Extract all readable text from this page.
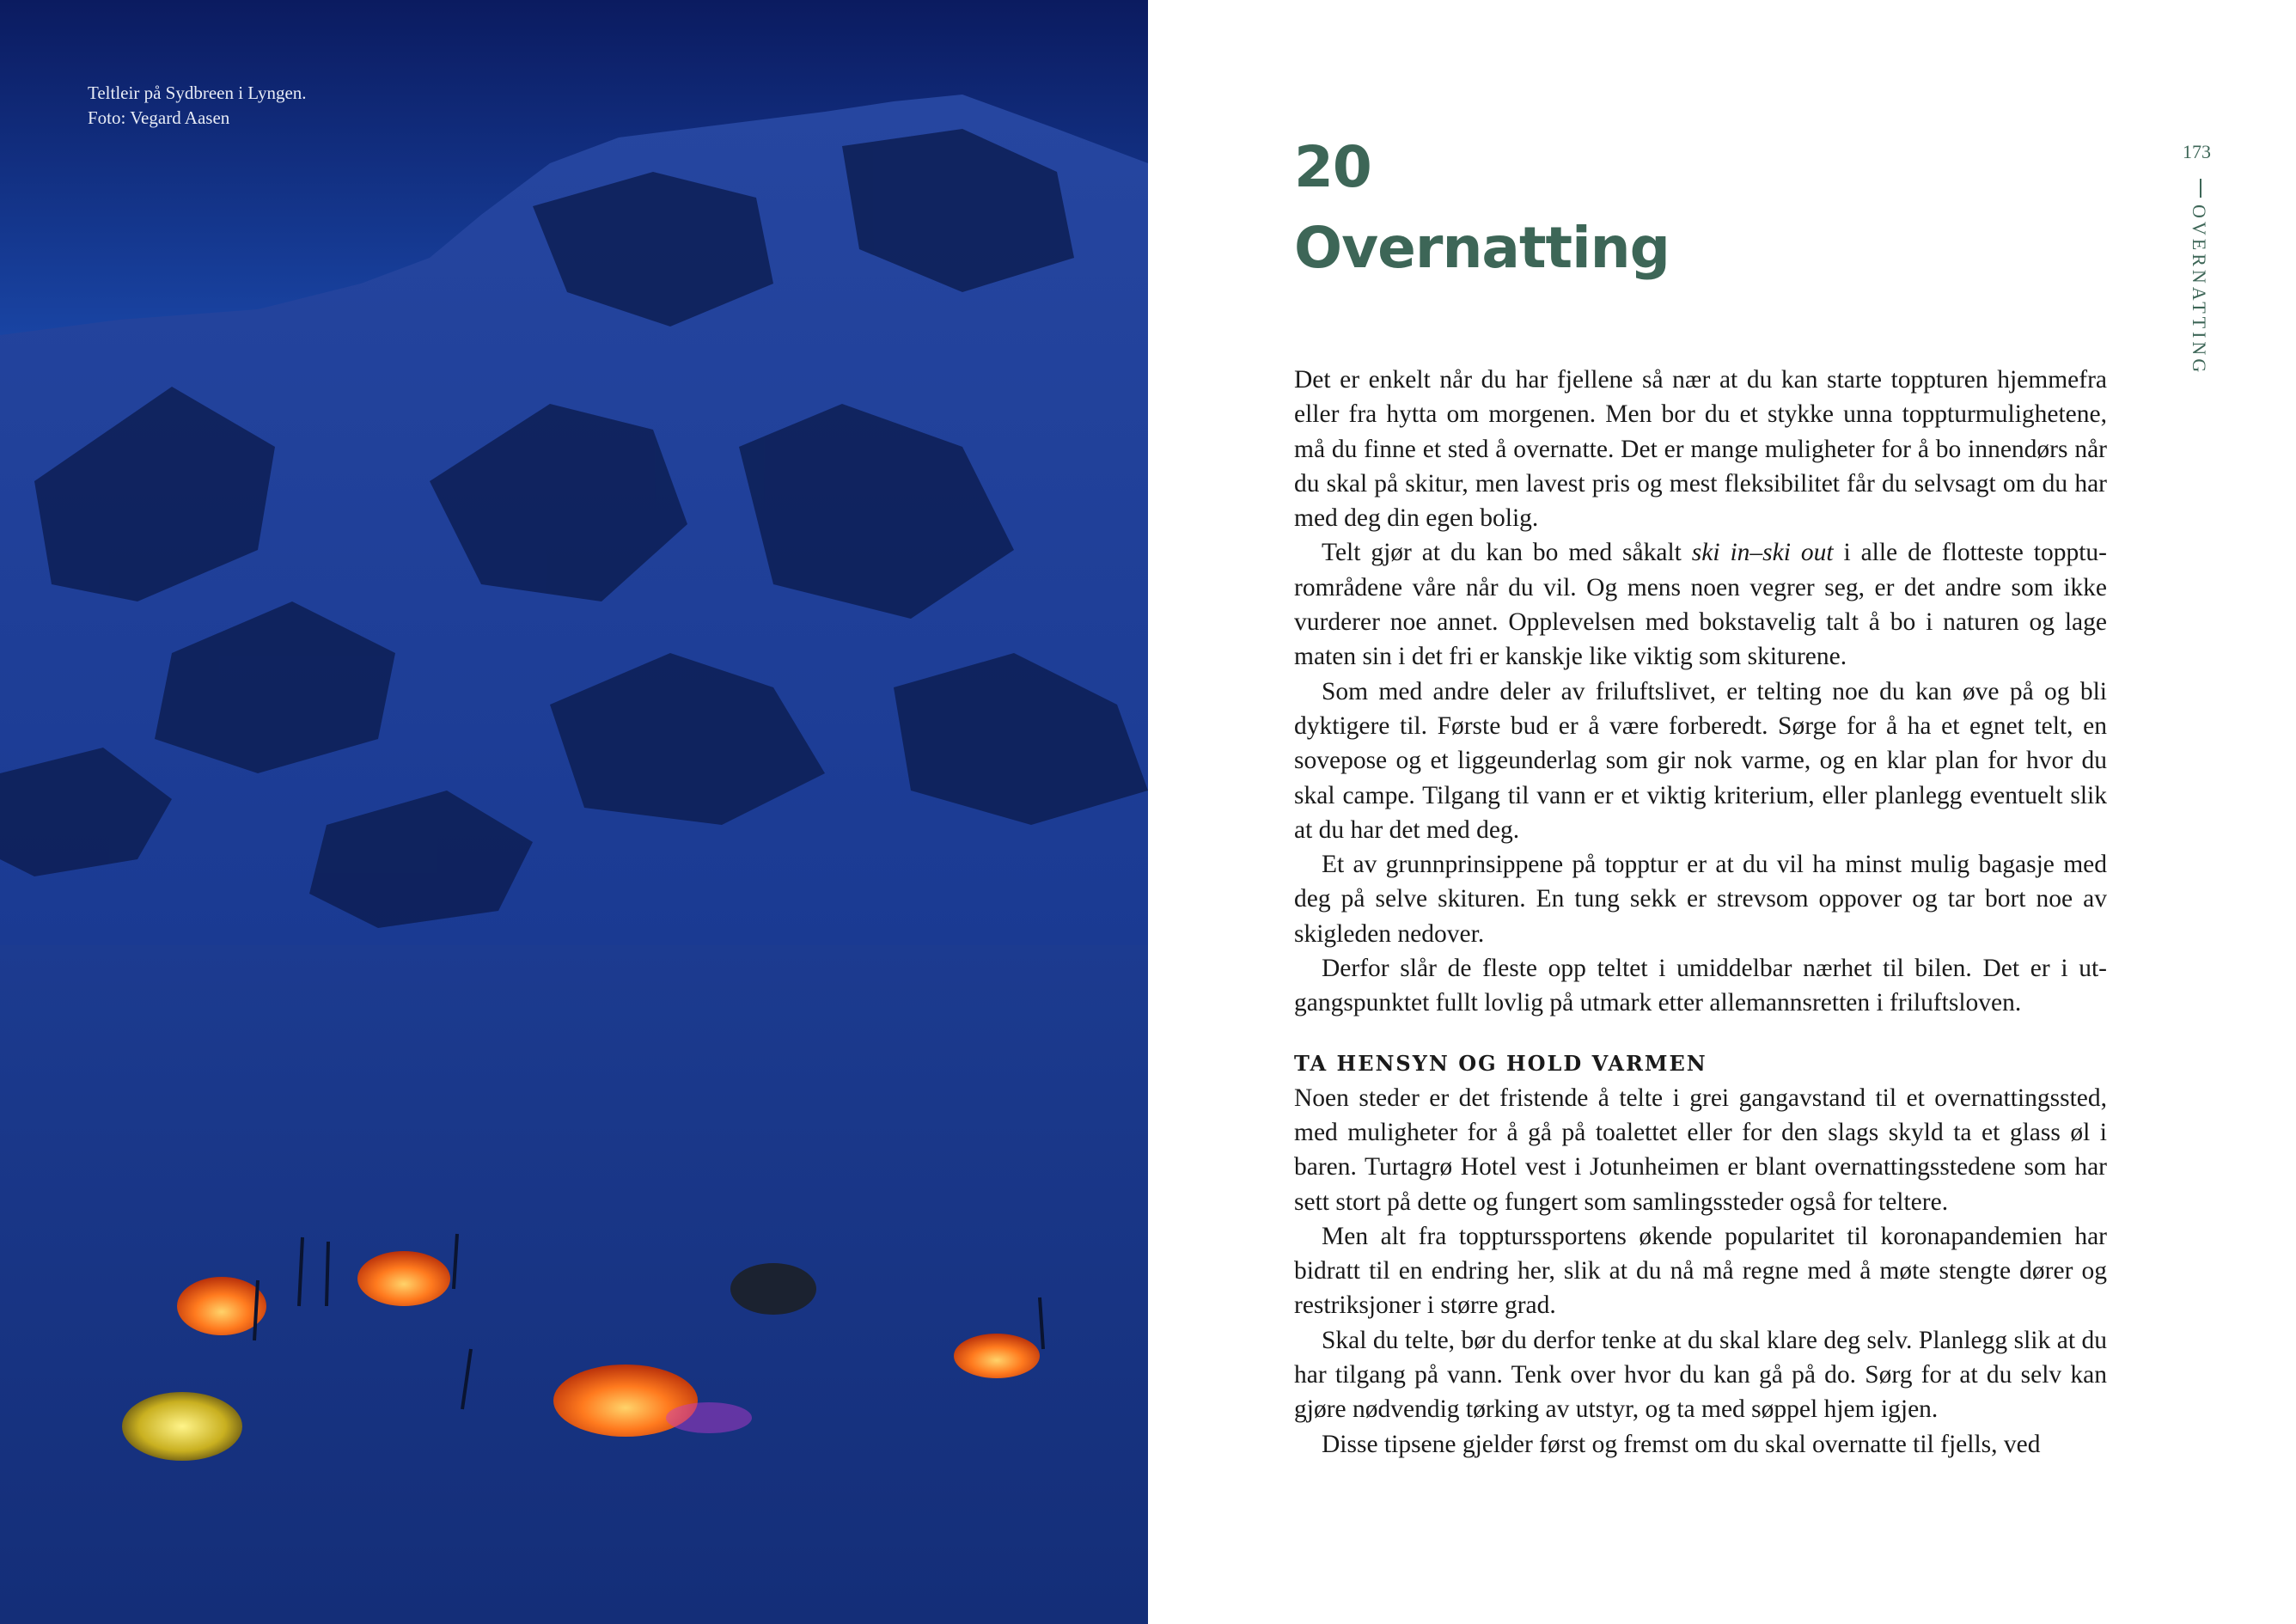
Teltleir på Sydbreen i Lyngen.
Foto: Vegard Aasen
20
Overnatting
173
OVERNATTING

Det er enkelt når du har fjellene så nær at du kan starte toppturen hjemmefra eller fra hytta om morgenen. Men bor du et stykke unna toppturmulighetene, må du finne et sted å overnatte. Det er mange muligheter for å bo innendørs når du skal på skitur, men lavest pris og mest fleksibilitet får du selvsagt om du har med deg din egen bolig.

Telt gjør at du kan bo med såkalt ski in–ski out i alle de flotteste toppturområdene våre når du vil. Og mens noen vegrer seg, er det andre som ikke vurderer noe annet. Opplevelsen med bokstavelig talt å bo i naturen og lage maten sin i det fri er kanskje like viktig som skiturene.

Som med andre deler av friluftslivet, er telting noe du kan øve på og bli dyktigere til. Første bud er å være forberedt. Sørge for å ha et egnet telt, en sovepose og et liggeunderlag som gir nok varme, og en klar plan for hvor du skal campe. Tilgang til vann er et viktig kriterium, eller planlegg eventuelt slik at du har det med deg.

Et av grunnprinsippene på topptur er at du vil ha minst mulig bagasje med deg på selve skituren. En tung sekk er strevsom oppover og tar bort noe av skigleden nedover.

Derfor slår de fleste opp teltet i umiddelbar nærhet til bilen. Det er i utgangspunktet fullt lovlig på utmark etter allemannsretten i friluftsloven.

TA HENSYN OG HOLD VARMEN

Noen steder er det fristende å telte i grei gangavstand til et overnattingssted, med muligheter for å gå på toalettet eller for den slags skyld ta et glass øl i baren. Turtagrø Hotel vest i Jotunheimen er blant overnattingsstedene som har sett stort på dette og fungert som samlingssteder også for teltere.

Men alt fra toppturssportens økende popularitet til koronapandemien har bidratt til en endring her, slik at du nå må regne med å møte stengte dører og restriksjoner i større grad.

Skal du telte, bør du derfor tenke at du skal klare deg selv. Planlegg slik at du har tilgang på vann. Tenk over hvor du kan gå på do. Sørg for at du selv kan gjøre nødvendig tørking av utstyr, og ta med søppel hjem igjen.

Disse tipsene gjelder først og fremst om du skal overnatte til fjells, ved
